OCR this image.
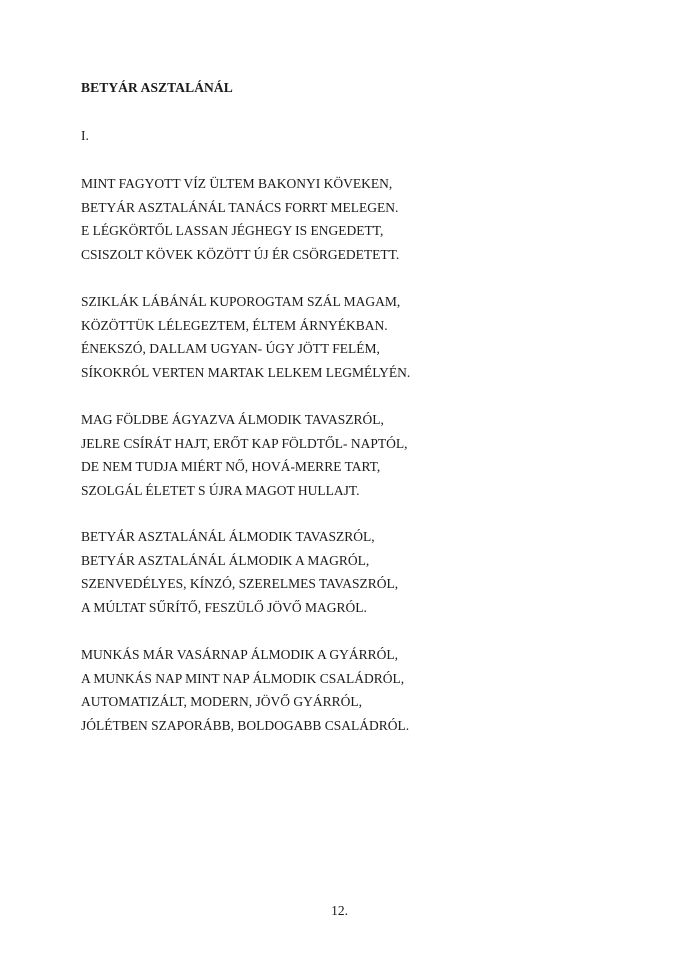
BETYÁR ASZTALÁNÁL
I.
MINT FAGYOTT VÍZ ÜLTEM BAKONYI KÖVEKEN,
BETYÁR ASZTALÁNÁL TANÁCS FORRT MELEGEN.
E LÉGKÖRTŐL LASSAN JÉGHEGY IS ENGEDETT,
CSISZOLT KÖVEK KÖZÖTT ÚJ ÉR CSÖRGEDETETT.
SZIKLÁK LÁBÁNÁL KUPOROGTAM SZÁL MAGAM,
KÖZÖTTÜK LÉLEGEZTEM, ÉLTEM ÁRNYÉKBAN.
ÉNEKSZÓ, DALLAM UGYAN- ÚGY JÖTT FELÉM,
SÍKOKRÓL VERTEN MARTAK LELKEM LEGMÉLYÉN.
MAG FÖLDBE ÁGYAZVA ÁLMODIK TAVASZRÓL,
JELRE CSÍRÁT HAJT, ERŐT KAP FÖLDTŐL- NAPTÓL,
DE NEM TUDJA MIÉRT NŐ, HOVÁ-MERRE TART,
SZOLGÁL ÉLETET S ÚJRA MAGOT HULLAJT.
BETYÁR ASZTALÁNÁL ÁLMODIK TAVASZRÓL,
BETYÁR ASZTALÁNÁL ÁLMODIK A MAGRÓL,
SZENVEDÉLYES, KÍNZÓ, SZERELMES TAVASZRÓL,
A MÚLTAT SŰRÍTŐ, FESZÜLŐ JÖVŐ MAGRÓL.
MUNKÁS MÁR VASÁRNAP ÁLMODIK A GYÁRRÓL,
A MUNKÁS NAP MINT NAP ÁLMODIK CSALÁDRÓL,
AUTOMATIZÁLT, MODERN, JÖVŐ GYÁRRÓL,
JÓLÉTBEN SZAPORÁBB, BOLDOGABB CSALÁDRÓL.
12.
